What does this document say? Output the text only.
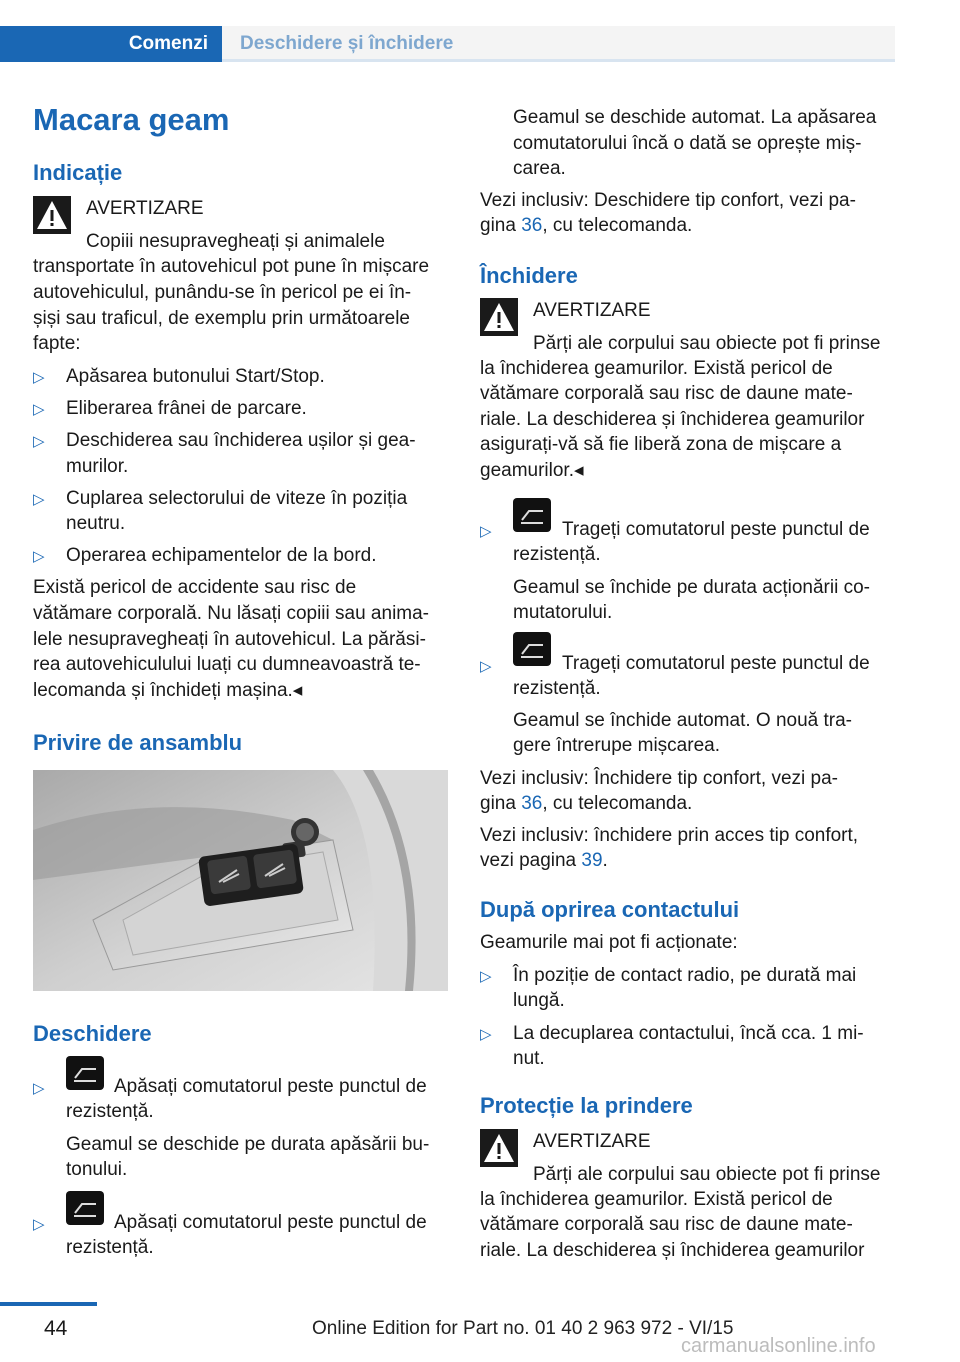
Comenzi	Deschidere și închidere
Macara geam
Indicație
AVERTIZARE
Copiii nesupravegheați și animalele
transportate în autovehicul pot pune în mișcare
autovehiculul, punându-se în pericol pe ei în-
șiși sau traficul, de exemplu prin următoarele
fapte:
▷ Apăsarea butonului Start/Stop.
▷ Eliberarea frânei de parcare.
▷ Deschiderea sau închiderea ușilor și gea-
murilor.
▷ Cuplarea selectorului de viteze în poziția
neutru.
▷ Operarea echipamentelor de la bord.
Există pericol de accidente sau risc de
vătămare corporală. Nu lăsați copiii sau anima-
lele nesupravegheați în autovehicul. La părăsi-
rea autovehiculului luați cu dumneavoastră te-
lecomanda și închideți mașina.◂
Privire de ansamblu
Deschidere
▷	Apăsați comutatorul peste punctul de
rezistență.
Geamul se deschide pe durata apăsării bu-
tonului.
▷	Apăsați comutatorul peste punctul de
rezistență.
Geamul se deschide automat. La apăsarea
comutatorului încă o dată se oprește miș-
carea.
Vezi inclusiv: Deschidere tip confort, vezi pa-
gina 36, cu telecomanda.
Închidere
AVERTIZARE
Părți ale corpului sau obiecte pot fi prinse
la închiderea geamurilor. Există pericol de
vătămare corporală sau risc de daune mate-
riale. La deschiderea și închiderea geamurilor
asigurați-vă să fie liberă zona de mișcare a
geamurilor.◂
▷	Trageți comutatorul peste punctul de
rezistență.
Geamul se închide pe durata acționării co-
mutatorului.
▷	Trageți comutatorul peste punctul de
rezistență.
Geamul se închide automat. O nouă tra-
gere întrerupe mișcarea.
Vezi inclusiv: Închidere tip confort, vezi pa-
gina 36, cu telecomanda.
Vezi inclusiv: închidere prin acces tip confort,
vezi pagina 39.
După oprirea contactului
Geamurile mai pot fi acționate:
▷ În poziție de contact radio, pe durată mai
lungă.
▷ La decuplarea contactului, încă cca. 1 mi-
nut.
Protecție la prindere
AVERTIZARE
Părți ale corpului sau obiecte pot fi prinse
la închiderea geamurilor. Există pericol de
vătămare corporală sau risc de daune mate-
riale. La deschiderea și închiderea geamurilor
44	Online Edition for Part no. 01 40 2 963 972 - VI/15
carmanualsonline.info
